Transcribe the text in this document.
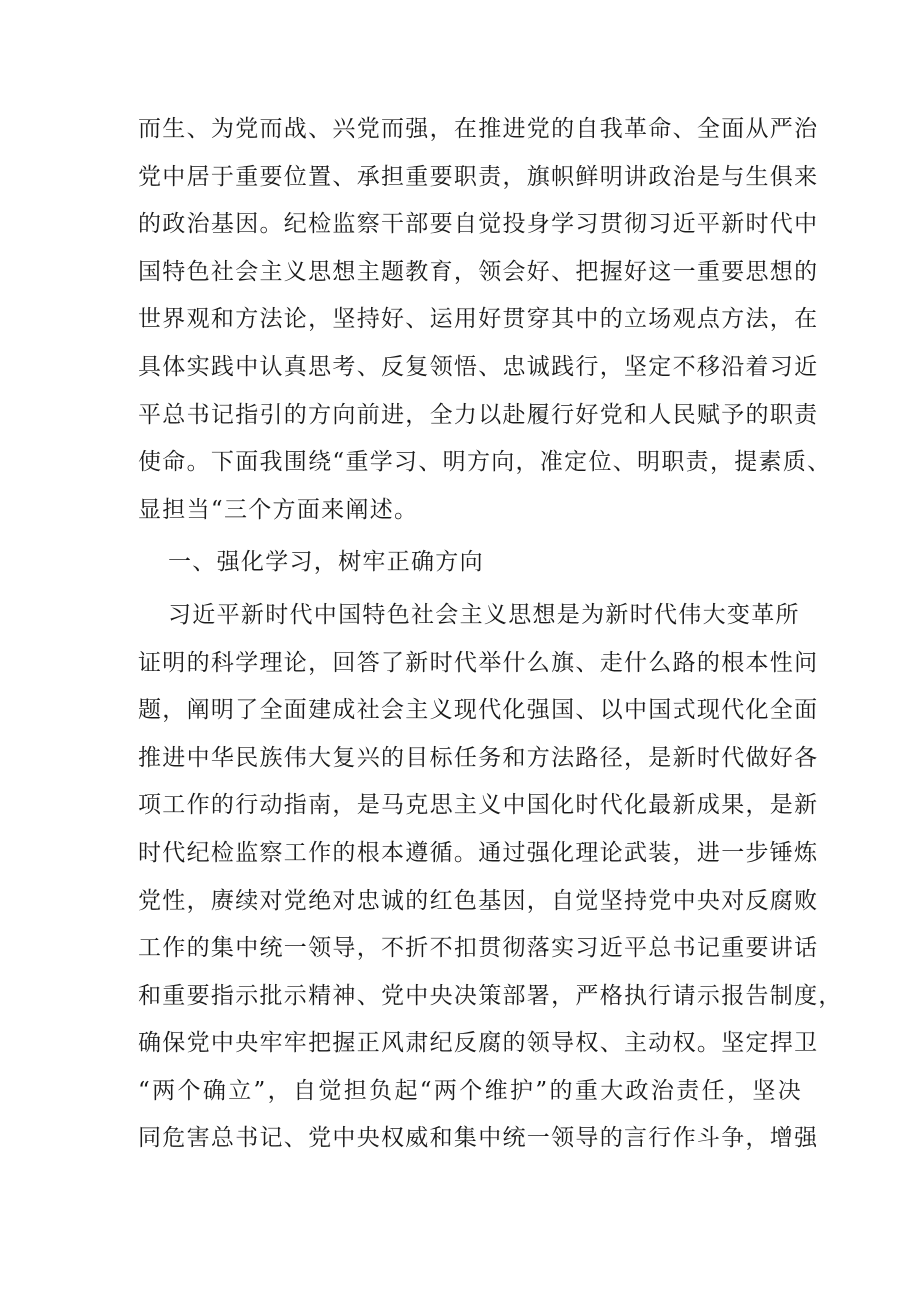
而生、为党而战、兴党而强，在推进党的自我革命、全面从严治
党中居于重要位置、承担重要职责，旗帜鲜明讲政治是与生俱来
的政治基因。纪检监察干部要自觉投身学习贯彻习近平新时代中
国特色社会主义思想主题教育，领会好、把握好这一重要思想的
世界观和方法论，坚持好、运用好贯穿其中的立场观点方法，在
具体实践中认真思考、反复领悟、忠诚践行，坚定不移沿着习近
平总书记指引的方向前进，全力以赴履行好党和人民赋予的职责
使命。下面我围绕“重学习、明方向，准定位、明职责，提素质、
显担当“三个方面来阐述。
一、强化学习，树牢正确方向
习近平新时代中国特色社会主义思想是为新时代伟大变革所
证明的科学理论，回答了新时代举什么旗、走什么路的根本性问
题，阐明了全面建成社会主义现代化强国、以中国式现代化全面
推进中华民族伟大复兴的目标任务和方法路径，是新时代做好各
项工作的行动指南，是马克思主义中国化时代化最新成果，是新
时代纪检监察工作的根本遵循。通过强化理论武装，进一步锤炼
党性，赓续对党绝对忠诚的红色基因，自觉坚持党中央对反腐败
工作的集中统一领导，不折不扣贯彻落实习近平总书记重要讲话
和重要指示批示精神、党中央决策部署，严格执行请示报告制度，
确保党中央牢牢把握正风肃纪反腐的领导权、主动权。坚定捍卫
“两个确立”，自觉担负起“两个维护”的重大政治责任，坚决
同危害总书记、党中央权威和集中统一领导的言行作斗争，增强
